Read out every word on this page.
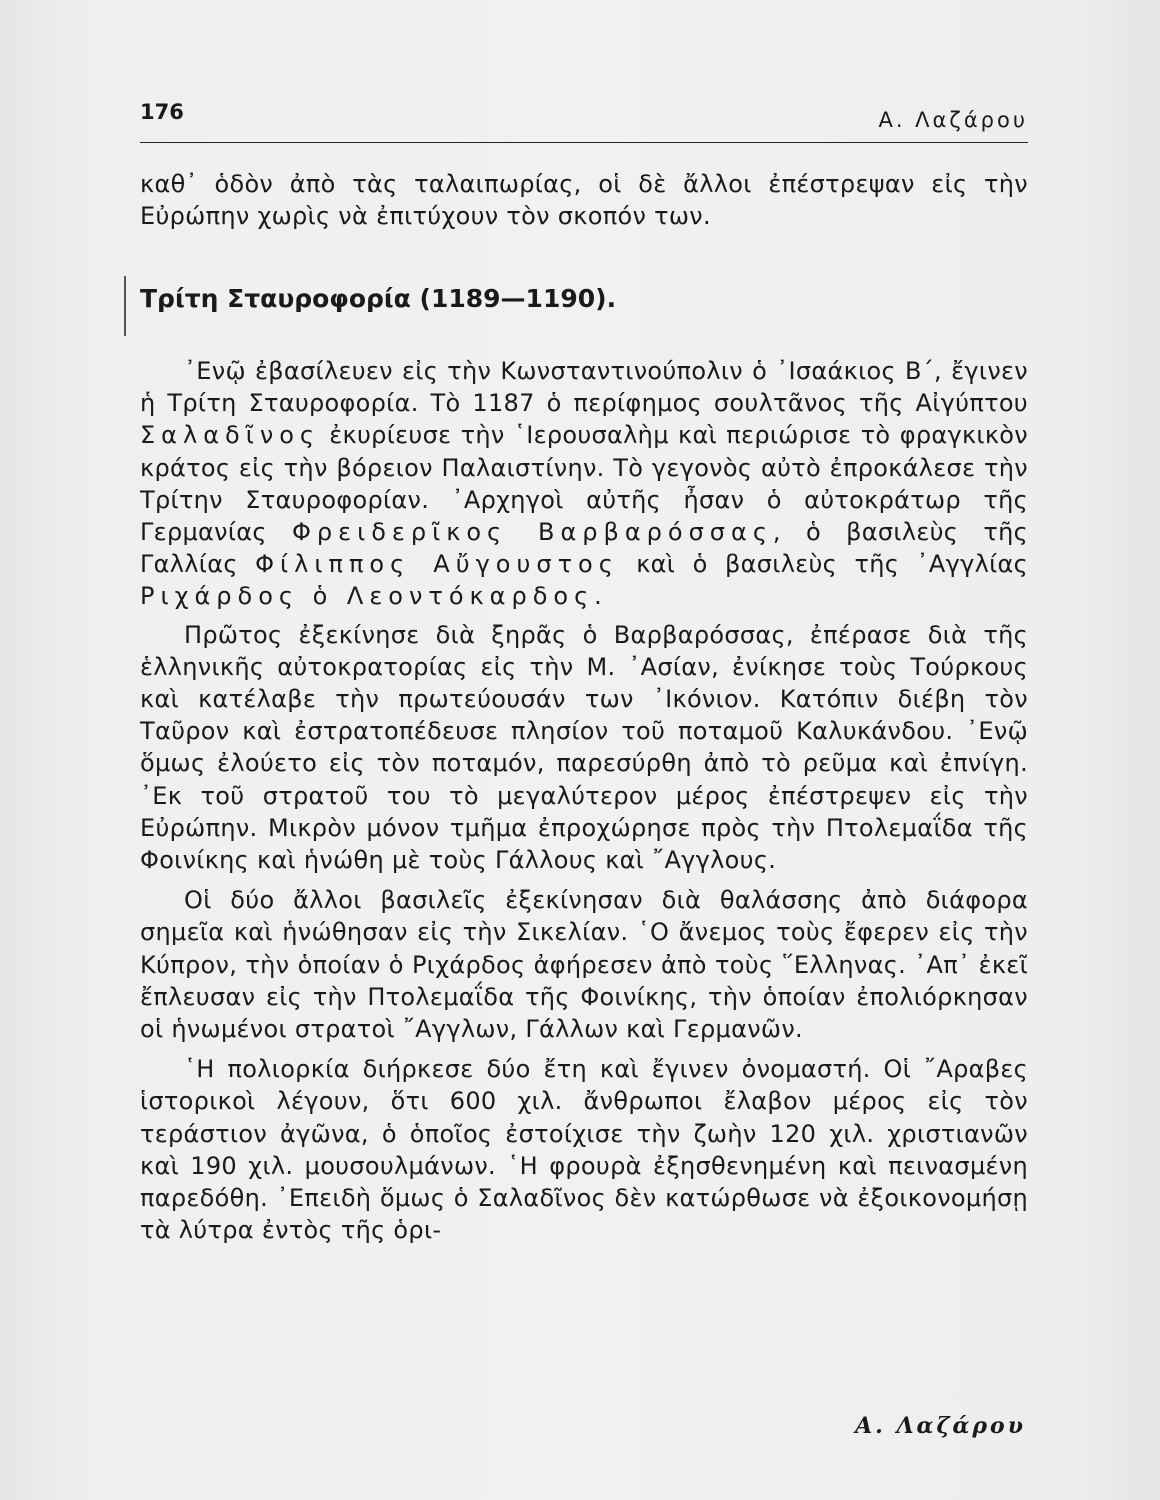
176	Α. Λαζάρου

καθ᾿ ὁδὸν ἀπὸ τὰς ταλαιπωρίας, οἱ δὲ ἄλλοι ἐπέστρεψαν εἰς τὴν Εὐρώπην χωρὶς νὰ ἐπιτύχουν τὸν σκοπόν των.

Τρίτη Σταυροφορία (1189—1190).

᾿Ενῷ ἐβασίλευεν εἰς τὴν Κωνσταντινούπολιν ὁ ᾿Ισαάκιος Β΄, ἔγινεν ἡ Τρίτη Σταυροφορία. Τὸ 1187 ὁ περίφημος σουλτᾶνος τῆς Αἰγύπτου Σαλαδῖνος ἐκυρίευσε τὴν ῾Ιερουσαλὴμ καὶ περιώρισε τὸ φραγκικὸν κράτος εἰς τὴν βόρειον Παλαιστίνην. Τὸ γεγονὸς αὐτὸ ἐπροκάλεσε τὴν Τρίτην Σταυροφορίαν. ᾿Αρχηγοὶ αὐτῆς ἦσαν ὁ αὐτοκράτωρ τῆς Γερμανίας Φρειδερῖκος Βαρβαρόσσας, ὁ βασιλεὺς τῆς Γαλλίας Φίλιππος Αὔγουστος καὶ ὁ βασιλεὺς τῆς ᾿Αγγλίας Ριχάρδος ὁ Λεοντόκαρδος.

Πρῶτος ἐξεκίνησε διὰ ξηρᾶς ὁ Βαρβαρόσσας, ἐπέρασε διὰ τῆς ἑλληνικῆς αὐτοκρατορίας εἰς τὴν Μ. ᾿Ασίαν, ἐνίκησε τοὺς Τούρκους καὶ κατέλαβε τὴν πρωτεύουσάν των ᾿Ικόνιον. Κατόπιν διέβη τὸν Ταῦρον καὶ ἐστρατοπέδευσε πλησίον τοῦ ποταμοῦ Καλυκάνδου. ᾿Ενῷ ὅμως ἐλούετο εἰς τὸν ποταμόν, παρεσύρθη ἀπὸ τὸ ρεῦμα καὶ ἐπνίγη. ᾿Εκ τοῦ στρατοῦ του τὸ μεγαλύτερον μέρος ἐπέστρεψεν εἰς τὴν Εὐρώπην. Μικρὸν μόνον τμῆμα ἐπροχώρησε πρὸς τὴν Πτολεμαΐδα τῆς Φοινίκης καὶ ἡνώθη μὲ τοὺς Γάλλους καὶ ῎Αγγλους.

Οἱ δύο ἄλλοι βασιλεῖς ἐξεκίνησαν διὰ θαλάσσης ἀπὸ διάφορα σημεῖα καὶ ἡνώθησαν εἰς τὴν Σικελίαν. ῾Ο ἄνεμος τοὺς ἔφερεν εἰς τὴν Κύπρον, τὴν ὁποίαν ὁ Ριχάρδος ἀφήρεσεν ἀπὸ τοὺς ῞Ελληνας. ᾿Απ᾿ ἐκεῖ ἔπλευσαν εἰς τὴν Πτολεμαΐδα τῆς Φοινίκης, τὴν ὁποίαν ἐπολιόρκησαν οἱ ἡνωμένοι στρατοὶ ῎Αγγλων, Γάλλων καὶ Γερμανῶν.

῾Η πολιορκία διήρκεσε δύο ἔτη καὶ ἔγινεν ὀνομαστή. Οἱ ῎Αραβες ἱστορικοὶ λέγουν, ὅτι 600 χιλ. ἄνθρωποι ἔλαβον μέρος εἰς τὸν τεράστιον ἀγῶνα, ὁ ὁποῖος ἐστοίχισε τὴν ζωὴν 120 χιλ. χριστιανῶν καὶ 190 χιλ. μουσουλμάνων. ῾Η φρουρὰ ἐξησθενημένη καὶ πεινασμένη παρεδόθη. ᾿Επειδὴ ὅμως ὁ Σαλαδῖνος δὲν κατώρθωσε νὰ ἐξοικονομήσῃ τὰ λύτρα ἐντὸς τῆς ὁρι-

Α. Λαζάρου
